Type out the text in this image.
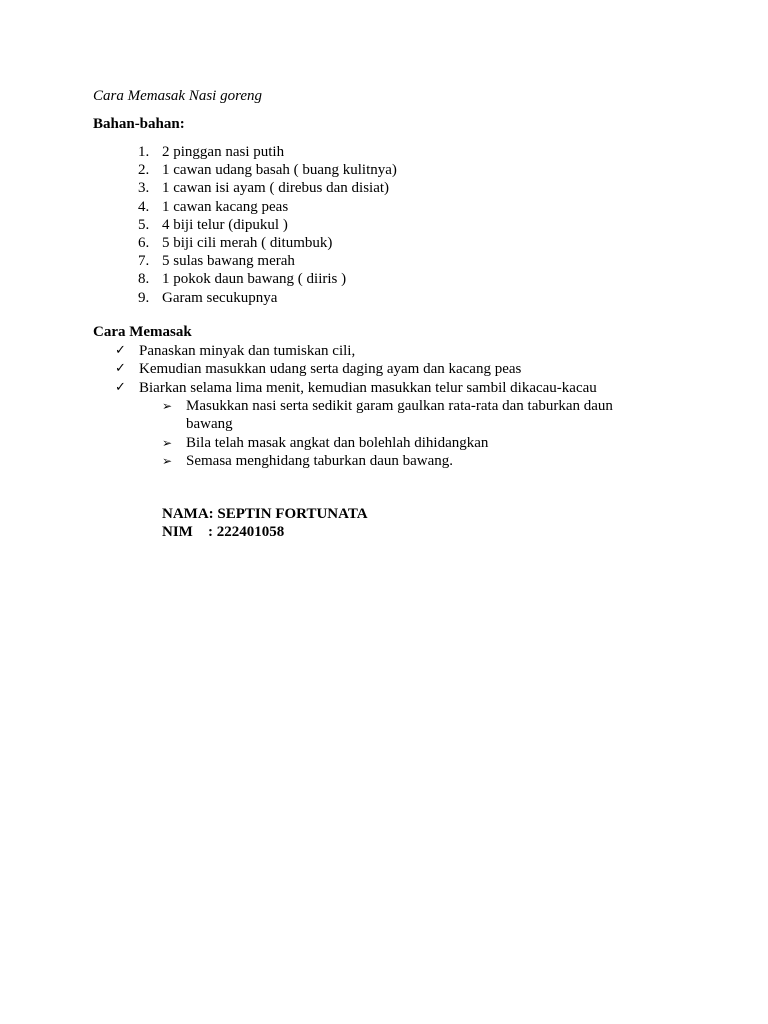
Cara Memasak Nasi goreng
Bahan-bahan:
1. 2 pinggan nasi putih
2. 1 cawan udang basah ( buang kulitnya)
3. 1 cawan isi ayam ( direbus dan disiat)
4. 1 cawan kacang peas
5. 4 biji telur (dipukul )
6. 5 biji cili merah ( ditumbuk)
7. 5 sulas bawang merah
8. 1 pokok daun bawang ( diiris )
9. Garam secukupnya
Cara Memasak
✓ Panaskan minyak dan tumiskan cili,
✓ Kemudian masukkan udang serta daging ayam dan kacang peas
✓ Biarkan selama lima menit, kemudian masukkan telur sambil dikacau-kacau
➢ Masukkan nasi serta sedikit garam gaulkan rata-rata dan taburkan daun bawang
➢ Bila telah masak angkat dan bolehlah dihidangkan
➢ Semasa menghidang taburkan daun bawang.
NAMA: SEPTIN FORTUNATA
NIM : 222401058
